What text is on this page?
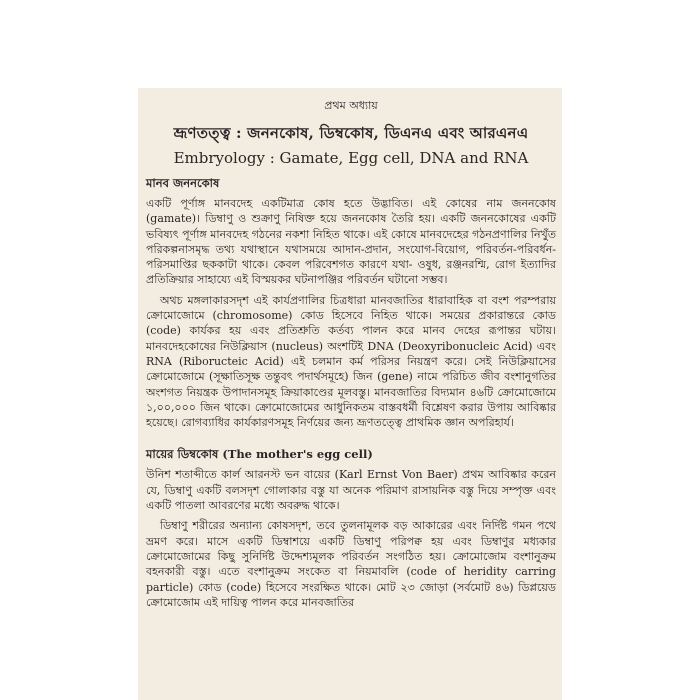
প্রথম অধ্যায়
ভ্রূণতত্ত্ব : জননকোষ, ডিম্বকোষ, ডিএনএ এবং আরএনএ
Embryology : Gamate, Egg cell, DNA and RNA
মানব জননকোষ

একটি পূর্ণাঙ্গ মানবদেহ একটিমাত্র কোষ হতে উদ্ভাবিত। এই কোষের নাম জননকোষ (gamate)। ডিম্বাণু ও শুক্রাণু নিষিক্ত হয়ে জননকোষ তৈরি হয়। একটি জননকোষের একটি ভবিষ্যৎ পূর্ণাঙ্গ মানবদেহ গঠনের নকশা নিহিত থাকে। এই কোষে মানবদেহের গঠনপ্রণালির নিখুঁত পরিকল্পনাসমৃদ্ধ তথ্য যথাস্থানে যথাসময়ে আদান-প্রদান, সংযোগ-বিয়োগ, পরিবর্তন-পরিবর্ধন-পরিসমাপ্তির ছককাটা থাকে। কেবল পরিবেশগত কারণে যথা- ওষুধ, রঞ্জনরশ্মি, রোগ ইত্যাদির প্রতিক্রিয়ার সাহায্যে এই বিস্ময়কর ঘটনাপঞ্জির পরিবর্তন ঘটানো সম্ভব।

অথচ মঙ্গলাকারসদৃশ এই কার্যপ্রণালির চিত্রধারা মানবজাতির ধারাবাহিক বা বংশ পরম্পরায় ক্রোমোজোমে (chromosome) কোড হিসেবে নিহিত থাকে। সময়ের প্রকারান্তরে কোড (code) কার্যকর হয় এবং প্রতিশ্রুতি কর্তব্য পালন করে মানব দেহের রূপান্তর ঘটায়। মানবদেহকোষের নিউক্লিয়াস (nucleus) অংশটিই DNA (Deoxyribonucleic Acid) এবং RNA (Riboructeic Acid) এই চলমান কর্ম পরিসর নিয়ন্ত্রণ করে। সেই নিউক্লিয়াসের ক্রোমোজোমে (সূক্ষাতিসূক্ষ তন্তুবৎ পদার্থসমূহে) জিন (gene) নামে পরিচিত জীব বংশানুগতির অংশগত নিয়ন্ত্রক উপাদানসমূহ ক্রিয়াকাণ্ডের মূলবস্তু। মানবজাতির বিদ্যমান ৪৬টি ক্রোমোজোমে ১,০০,০০০ জিন থাকে। ক্রোমোজোমের আধুনিকতম বাস্তবধর্মী বিশ্লেষণ করার উপায় আবিষ্কার হয়েছে। রোগব্যাধির কার্যকারণসমূহ নির্ণয়ের জন্য ভ্রূণতত্ত্বে প্রাথমিক জ্ঞান অপরিহার্য।

মায়ের ডিম্বকোষ (The mother's egg cell)

উনিশ শতাব্দীতে কার্ল আরনস্ট ভন বায়ের (Karl Ernst Von Baer) প্রথম আবিষ্কার করেন যে, ডিম্বাণু একটি বলসদৃশ গোলাকার বস্তু যা অনেক পরিমাণ রাসায়নিক বস্তু দিয়ে সম্পৃক্ত এবং একটি পাতলা আবরণের মধ্যে অবরুদ্ধ থাকে।

ডিম্বাণু শরীরের অন্যান্য কোষসদৃশ, তবে তুলনামূলক বড় আকারের এবং নির্দিষ্ট গমন পথে ভ্রমণ করে। মাসে একটি ডিম্বাশয়ে একটি ডিম্বাণু পরিপক্ব হয় এবং ডিম্বাণুর মধ্যকার ক্রোমোজোমের কিছু সুনির্দিষ্ট উদ্দেশ্যমূলক পরিবর্তন সংগঠিত হয়। ক্রোমোজোম বংশানুক্রম বহনকারী বস্তু। এতে বংশানুক্রম সংকেত বা নিয়মাবলি (code of heridity carring particle) কোড (code) হিসেবে সংরক্ষিত থাকে। মোট ২৩ জোড়া (সর্বমোট ৪৬) ডিপ্লয়েড ক্রোমোজোম এই দায়িত্ব পালন করে মানবজাতির
